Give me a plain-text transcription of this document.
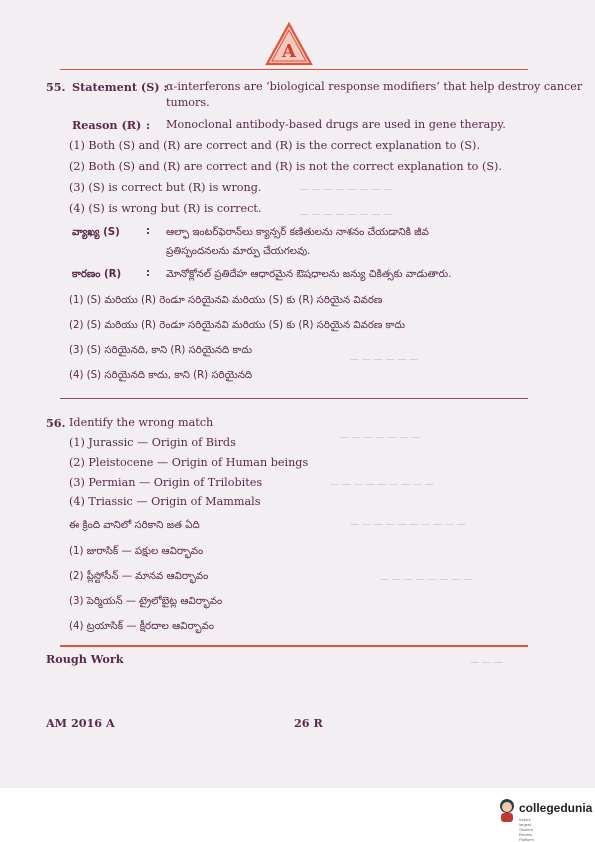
A
— — — — — — — —
— — — — — — — —
— — — — — —
— — — — — — —
— — — — — — — — —
— — — — — — — — — —
— — — — — — — —
— — —
55. Statement (S) :
α-interferons are ‘biological response modifiers’ that help destroy cancer
tumors.
Reason (R) : Monoclonal antibody-based drugs are used in gene therapy.
(1) Both (S) and (R) are correct and (R) is the correct explanation to (S).
(2) Both (S) and (R) are correct and (R) is not the correct explanation to (S).
(3) (S) is correct but (R) is wrong.
(4) (S) is wrong but (R) is correct.
వ్యాఖ్య (S)	: ఆల్ఫా ఇంటర్‌ఫెరాన్‌లు క్యాన్సర్ కణితులను నాశనం చేయడానికి జీవ
ప్రతిస్పందనలను మార్పు చేయగలవు.
కారణం (R) : మోనోక్లోనల్ ప్రతిదేహ ఆధారమైన ఔషధాలను జన్యు చికిత్సకు వాడుతారు.
(1) (S) మరియు (R) రెండూ సరియైనవి మరియు (S) కు (R) సరియైన వివరణ
(2) (S) మరియు (R) రెండూ సరియైనవి మరియు (S) కు (R) సరియైన వివరణ కాదు
(3) (S) సరియైనది, కాని (R) సరియైనది కాదు
(4) (S) సరియైనది కాదు, కాని (R) సరియైనది
56. Identify the wrong match
(1) Jurassic — Origin of Birds
(2) Pleistocene — Origin of Human beings
(3) Permian — Origin of Trilobites
(4) Triassic — Origin of Mammals
ఈ క్రింది వానిలో సరికాని జత ఏది
(1) జురాసిక్ — పక్షుల ఆవిర్భావం
(2) ప్లీస్టోసీన్ — మానవ ఆవిర్భావం
(3) పెర్మియన్ — ట్రైలోబైట్ల ఆవిర్భావం
(4) ట్రయాసిక్ — క్షీరదాల ఆవిర్భావం
Rough Work
AM 2016 A	26 R
collegedunia
India's largest Student Review Platform
